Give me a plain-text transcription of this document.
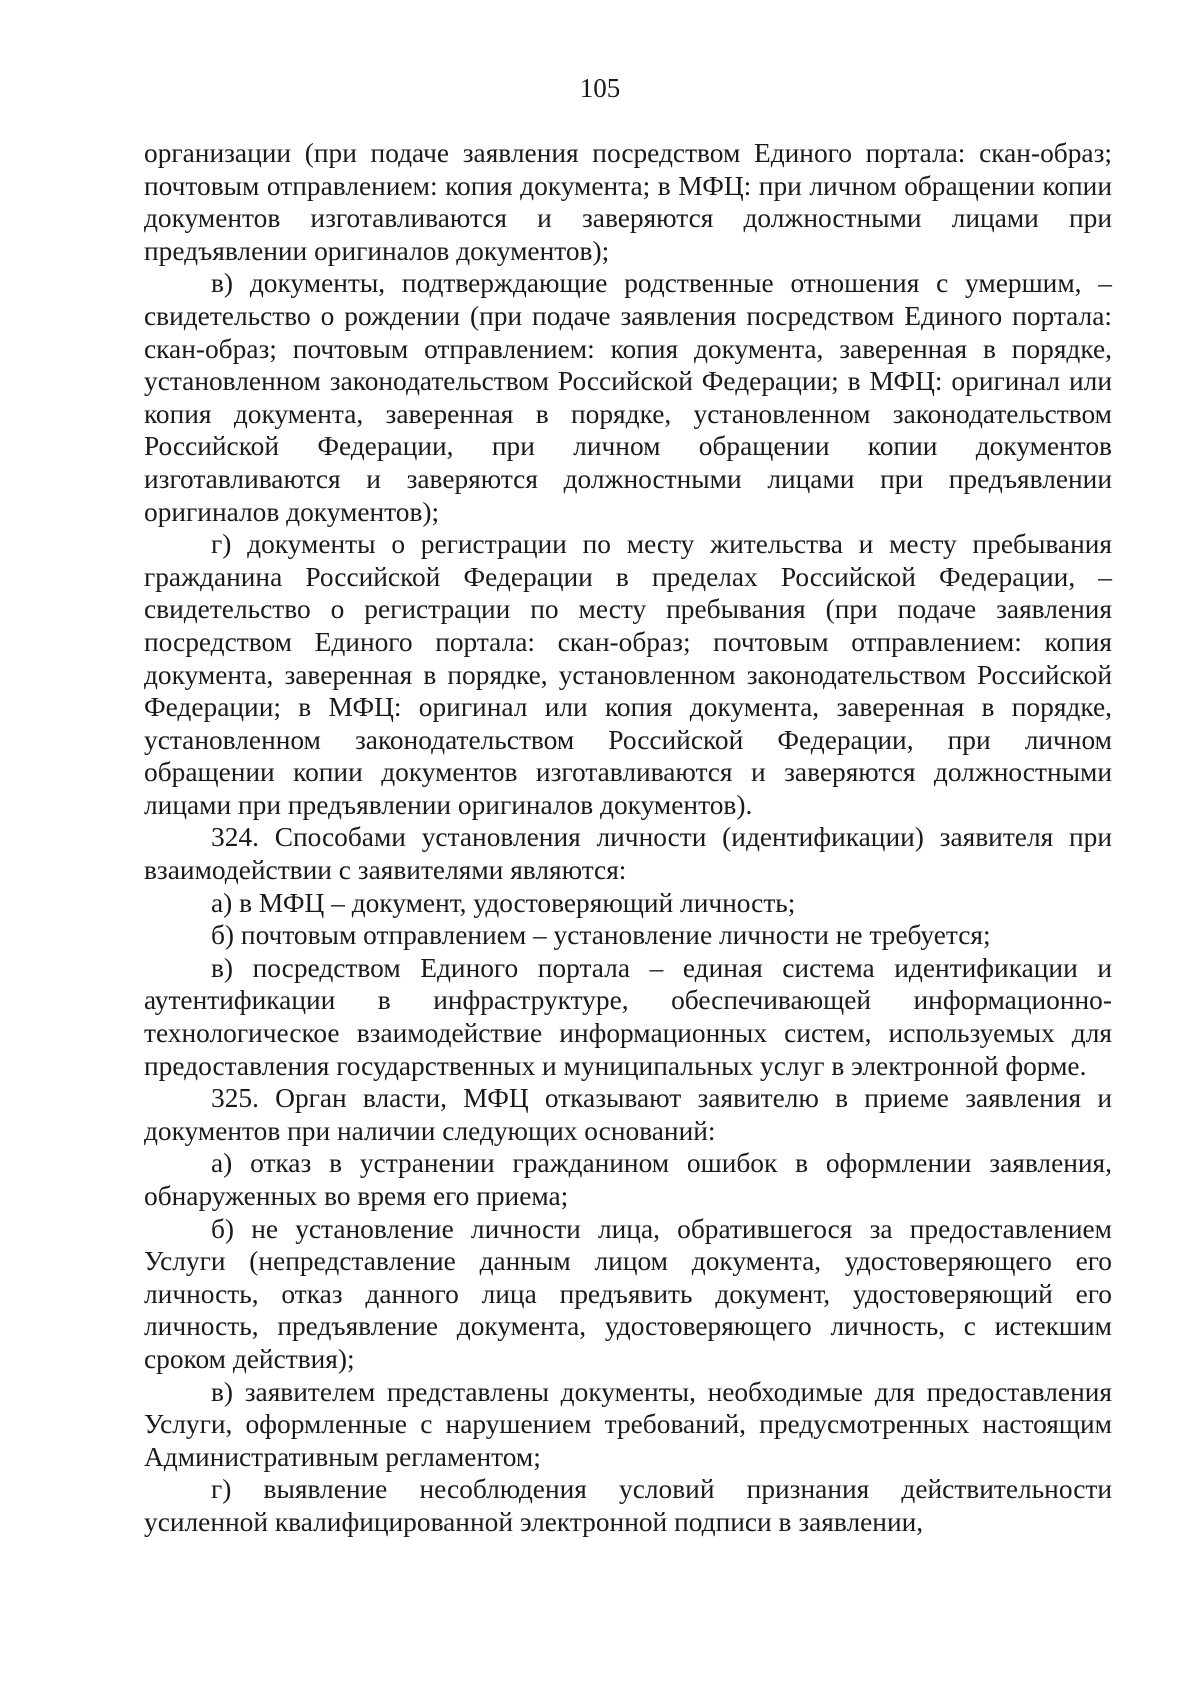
105

организации (при подаче заявления посредством Единого портала: скан-образ; почтовым отправлением: копия документа; в МФЦ: при личном обращении копии документов изготавливаются и заверяются должностными лицами при предъявлении оригиналов документов);

в) документы, подтверждающие родственные отношения с умершим, – свидетельство о рождении (при подаче заявления посредством Единого портала: скан-образ; почтовым отправлением: копия документа, заверенная в порядке, установленном законодательством Российской Федерации; в МФЦ: оригинал или копия документа, заверенная в порядке, установленном законодательством Российской Федерации, при личном обращении копии документов изготавливаются и заверяются должностными лицами при предъявлении оригиналов документов);

г) документы о регистрации по месту жительства и месту пребывания гражданина Российской Федерации в пределах Российской Федерации, – свидетельство о регистрации по месту пребывания (при подаче заявления посредством Единого портала: скан-образ; почтовым отправлением: копия документа, заверенная в порядке, установленном законодательством Российской Федерации; в МФЦ: оригинал или копия документа, заверенная в порядке, установленном законодательством Российской Федерации, при личном обращении копии документов изготавливаются и заверяются должностными лицами при предъявлении оригиналов документов).

324. Способами установления личности (идентификации) заявителя при взаимодействии с заявителями являются:

а) в МФЦ – документ, удостоверяющий личность;

б) почтовым отправлением – установление личности не требуется;

в) посредством Единого портала – единая система идентификации и аутентификации в инфраструктуре, обеспечивающей информационно-технологическое взаимодействие информационных систем, используемых для предоставления государственных и муниципальных услуг в электронной форме.

325. Орган власти, МФЦ отказывают заявителю в приеме заявления и документов при наличии следующих оснований:

а) отказ в устранении гражданином ошибок в оформлении заявления, обнаруженных во время его приема;

б) не установление личности лица, обратившегося за предоставлением Услуги (непредставление данным лицом документа, удостоверяющего его личность, отказ данного лица предъявить документ, удостоверяющий его личность, предъявление документа, удостоверяющего личность, с истекшим сроком действия);

в) заявителем представлены документы, необходимые для предоставления Услуги, оформленные с нарушением требований, предусмотренных настоящим Административным регламентом;

г) выявление несоблюдения условий признания действительности усиленной квалифицированной электронной подписи в заявлении,
